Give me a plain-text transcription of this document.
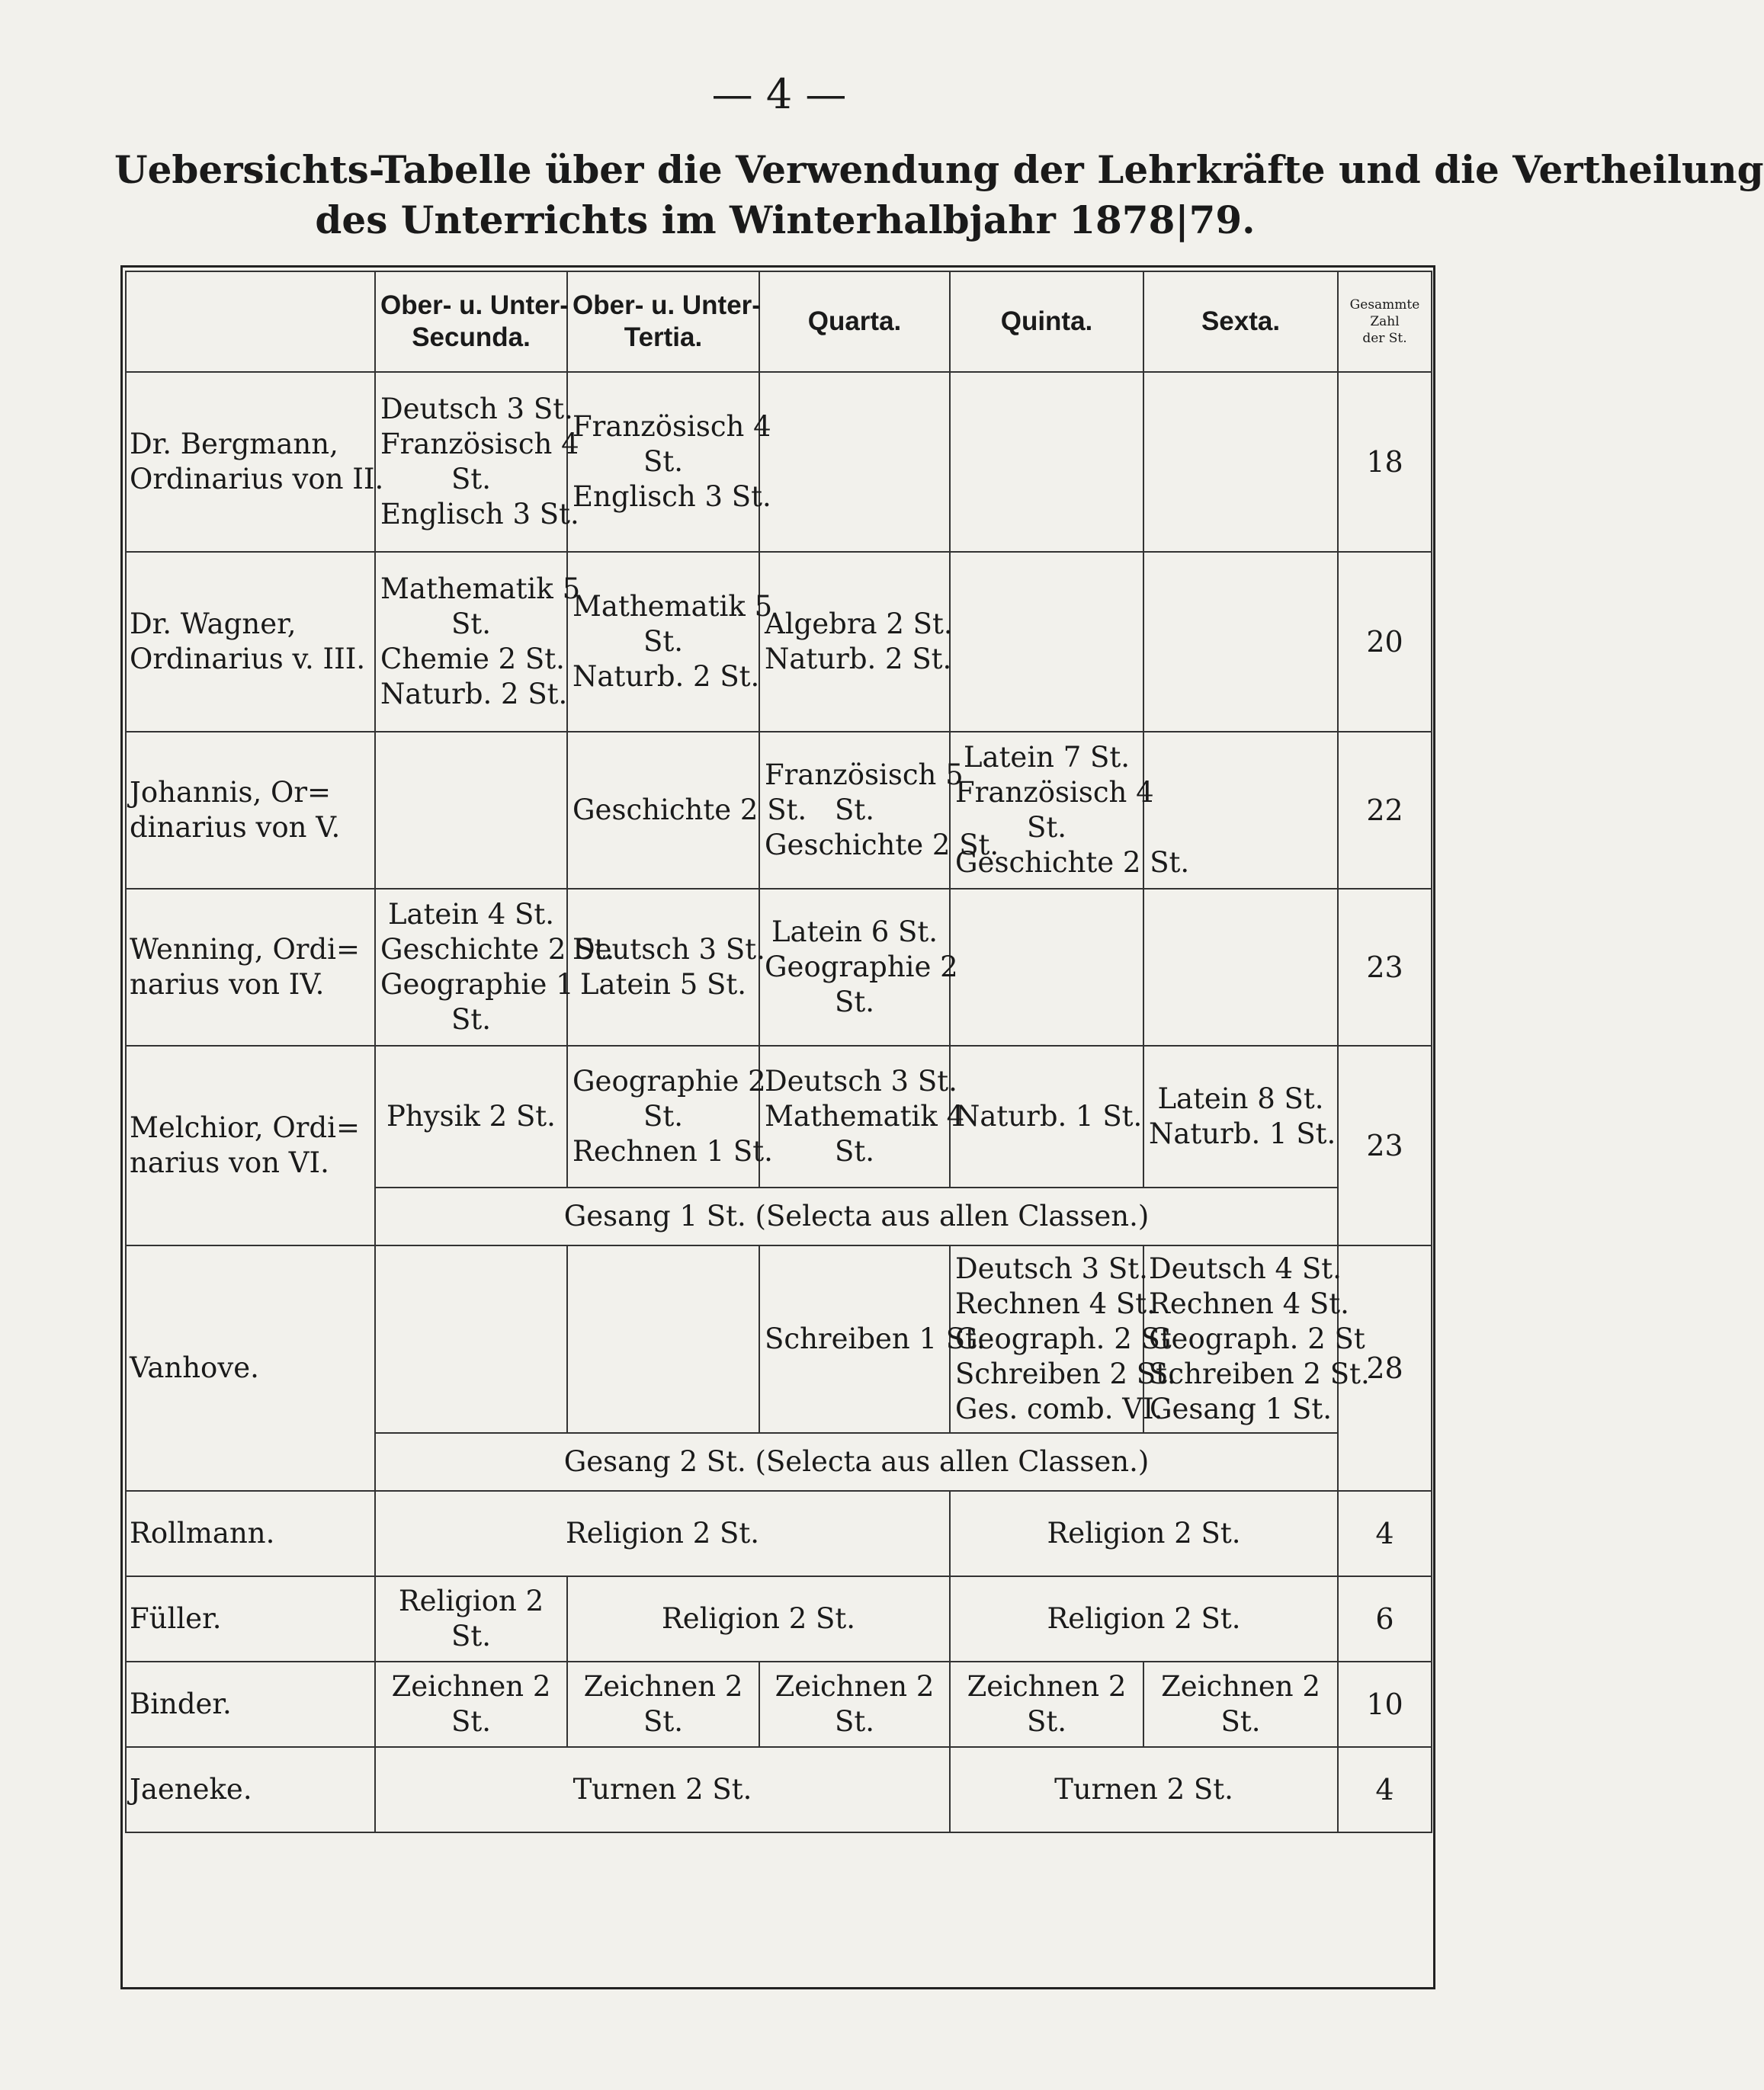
— 4 —
Uebersichts-Tabelle über die Verwendung der Lehrkräfte und die Vertheilung
des Unterrichts im Winterhalbjahr 1878|79.

	Ober- u. Unter-
Secunda.	Ober- u. Unter-
Tertia.	Quarta.	Quinta.	Sexta.	Gesammte
Zahl
der St.

Dr. Bergmann,
Ordinarius von II.	Deutsch 3 St.
Französisch 4
St.
Englisch 3 St.	Französisch 4
St.
Englisch 3 St.				18

Dr. Wagner,
Ordinarius v. III.	Mathematik 5
St.
Chemie 2 St.
Naturb. 2 St.	Mathematik 5
St.
Naturb. 2 St.	Algebra 2 St.
Naturb. 2 St.			20

Johannis, Or=
dinarius von V.		Geschichte 2 St.	Französisch 5
St.
Geschichte 2 St.	Latein 7 St.
Französisch 4
St.
Geschichte 2 St.		22

Wenning, Ordi=
narius von IV.	Latein 4 St.
Geschichte 2 St.
Geographie 1
St.	Deutsch 3 St.
Latein 5 St.	Latein 6 St.
Geographie 2
St.			23

Melchior, Ordi=
narius von VI.	Physik 2 St.	Geographie 2
St.
Rechnen 1 St.	Deutsch 3 St.
Mathematik 4
St.	Naturb. 1 St.	Latein 8 St.
Naturb. 1 St.	23
	Gesang 1 St. (Selecta aus allen Classen.)					
Vanhove.			Schreiben 1 St.	Deutsch 3 St.
Rechnen 4 St.
Geograph. 2 St
Schreiben 2 St.
Ges. comb. VI.	Deutsch 4 St.
Rechnen 4 St.
Geograph. 2 St
Schreiben 2 St.
Gesang 1 St.	28
	Gesang 2 St. (Selecta aus allen Classen.)					
Rollmann.	Religion 2 St.			Religion 2 St.		4
Füller.	Religion 2 St.	Religion 2 St.		Religion 2 St.		6
Binder.	Zeichnen 2 St.	Zeichnen 2 St.	Zeichnen 2 St.	Zeichnen 2 St.	Zeichnen 2 St.	10
Jaeneke.	Turnen 2 St.			Turnen 2 St.		4
